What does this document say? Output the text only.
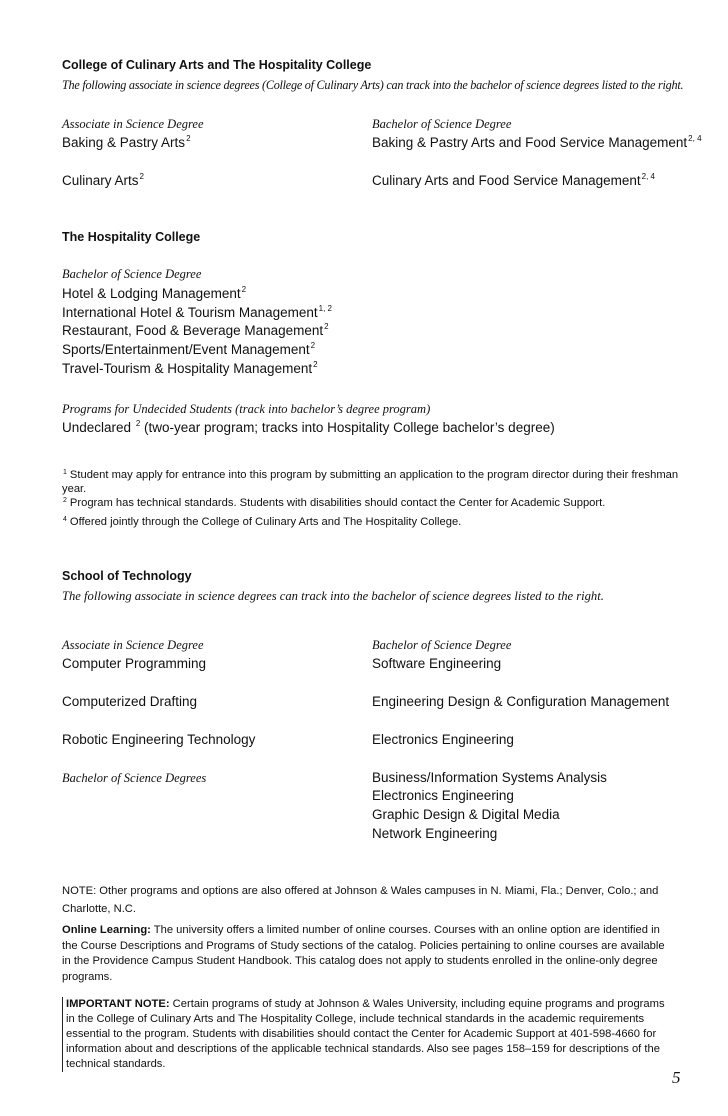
College of Culinary Arts and The Hospitality College
The following associate in science degrees (College of Culinary Arts) can track into the bachelor of science degrees listed to the right.
Associate in Science Degree	Bachelor of Science Degree
Baking & Pastry Arts$^2$	Baking & Pastry Arts and Food Service Management$^{2, 4}$
Culinary Arts$^2$	Culinary Arts and Food Service Management$^{2, 4}$
The Hospitality College
Bachelor of Science Degree
Hotel & Lodging Management$^2$
International Hotel & Tourism Management$^{1, 2}$
Restaurant, Food & Beverage Management$^2$
Sports/Entertainment/Event Management$^2$
Travel-Tourism & Hospitality Management$^2$
Programs for Undecided Students (track into bachelor’s degree program)
Undeclared $^2$ (two-year program; tracks into Hospitality College bachelor’s degree)
$^1$ Student may apply for entrance into this program by submitting an application to the program director during their freshman year.
$^2$ Program has technical standards. Students with disabilities should contact the Center for Academic Support.
$^4$ Offered jointly through the College of Culinary Arts and The Hospitality College.
School of Technology
The following associate in science degrees can track into the bachelor of science degrees listed to the right.
Associate in Science Degree	Bachelor of Science Degree
Computer Programming	Software Engineering
Computerized Drafting	Engineering Design & Configuration Management
Robotic Engineering Technology	Electronics Engineering
Bachelor of Science Degrees	Business/Information Systems Analysis
Electronics Engineering
Graphic Design & Digital Media
Network Engineering
NOTE: Other programs and options are also offered at Johnson & Wales campuses in N. Miami, Fla.; Denver, Colo.; and Charlotte, N.C.
Online Learning: The university offers a limited number of online courses. Courses with an online option are identified in the Course Descriptions and Programs of Study sections of the catalog. Policies pertaining to online courses are available in the Providence Campus Student Handbook. This catalog does not apply to students enrolled in the online-only degree programs.
IMPORTANT NOTE: Certain programs of study at Johnson & Wales University, including equine programs and programs in the College of Culinary Arts and The Hospitality College, include technical standards in the academic requirements essential to the program. Students with disabilities should contact the Center for Academic Support at 401-598-4660 for information about and descriptions of the applicable technical standards. Also see pages 158–159 for descriptions of the technical standards.
5
